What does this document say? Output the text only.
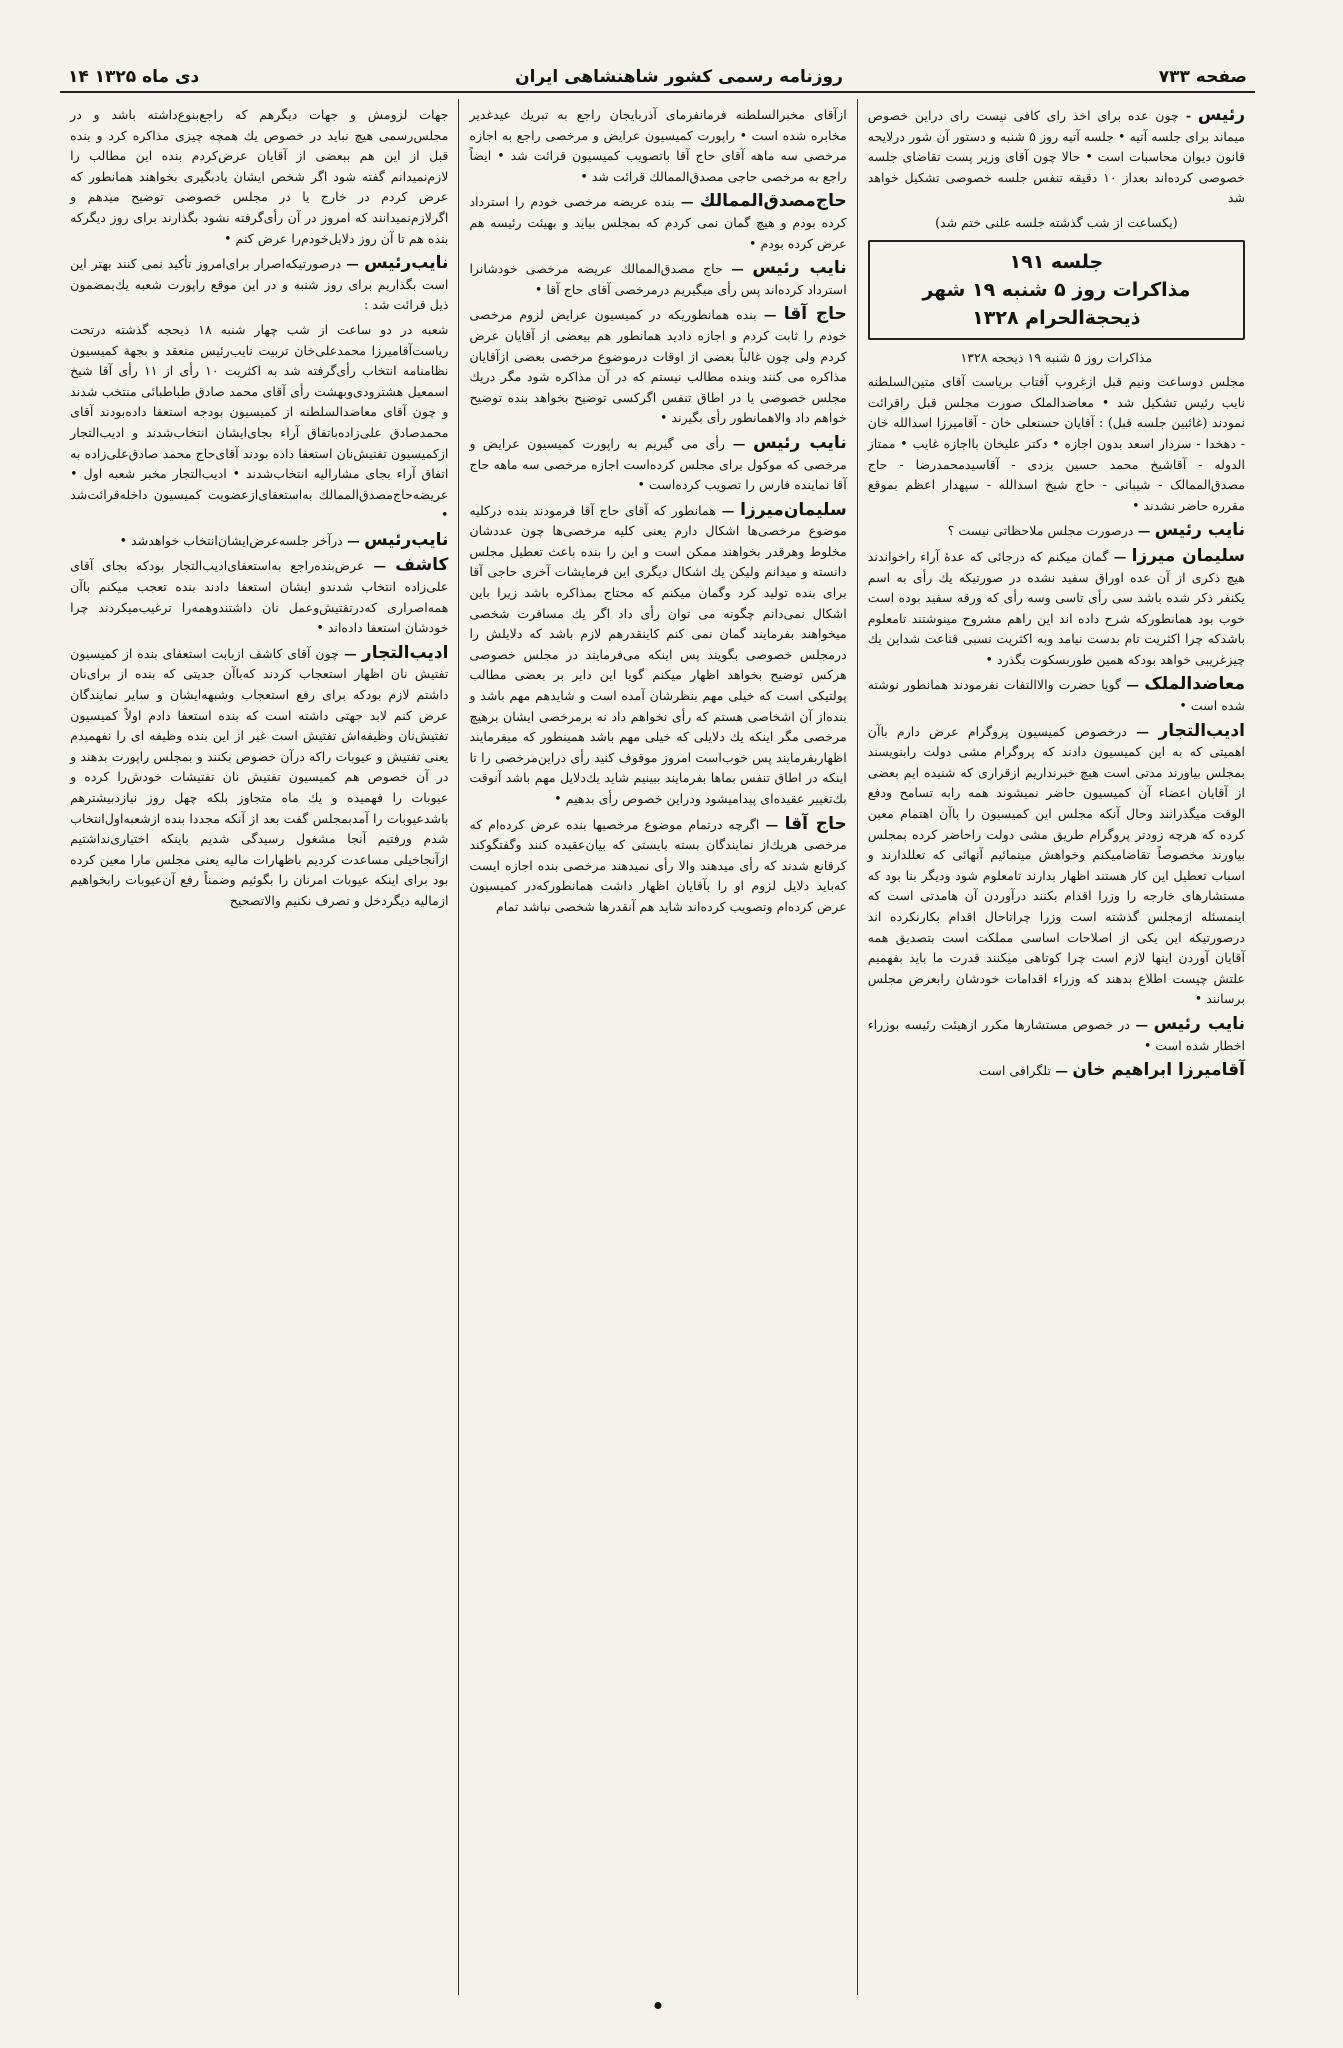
۱۴ دی ماه ۱۳۲۵	روزنامه رسمی کشور شاهنشاهی ایران	صفحه ۷۳۳

رئیس - چون عده برای اخذ رای کافی نیست رای دراین خصوص میماند برای جلسه آتیه • جلسه آتیه روز ۵ شنبه و دستور آن شور درلایحه قانون دیوان محاسبات است • حالا چون آقای وزیر پست تقاضای جلسه خصوصی کرده‌اند بعداز ۱۰ دقیقه تنفس جلسه خصوصی تشکیل خواهد شد

(یکساعت از شب گذشته جلسه علنی ختم شد)

جلسه ۱۹۱
مذاکرات روز ۵ شنبه ۱۹ شهر ذیحجة‌الحرام ۱۳۲۸

مذاکرات روز ۵ شنبه ۱۹ ذیحجه ۱۳۲۸

مجلس دوساعت ونیم قبل ازغروب آفتاب بریاست آقای متین‌السلطنه نایب رئیس تشکیل شد • معاضدالملک صورت مجلس قبل راقرائت نمودند (غائبین جلسه قبل) : آقایان حسنعلی خان - آقامیرزا اسدالله خان - دهخدا - سردار اسعد بدون اجازه • دکتر علیخان بااجازه غایب • ممتاز الدوله - آقاشیخ محمد حسین یزدی - آقاسیدمحمدرضا - حاج مصدق‌الممالک - شیبانی - حاج شیخ اسدالله - سپهدار اعظم بموقع مقرره حاضر نشدند •

نایب رئیس — درصورت مجلس ملاحظاتی نیست ؟

سلیمان میرزا — گمان میکنم که درجائی که عدهٔ آراء راخواندند هیچ ذکری از آن عده اوراق سفید نشده در صورتیکه یك رأی به اسم یکنفر ذکر شده باشد سی رأی تاسی وسه رأی که ورقه سفید بوده است خوب بود همانطورکه شرح داده اند این راهم مشروح مینوشتند تامعلوم باشدکه چرا اکثریت تام بدست نیامد وبه اکثریت نسبی قناعت شداین یك چیزغریبی خواهد بودکه همین طوربسکوت بگذرد •

معاضدالملک — گویا حضرت والاالتفات نفرمودند همانطور نوشته شده است •

ادیب‌التجار — درخصوص کمیسیون پروگرام عرض دارم باآن اهمیتی که به این کمیسیون دادند که پروگرام مشی دولت رابنویسند بمجلس بیاورند مدتی است هیچ خبرنداریم ازقراری که شنیده ایم بعضی از آقایان اعضاء آن کمیسیون حاضر نمیشوند همه رابه تسامح ودفع الوقت میگذرانند وحال آنکه مجلس این کمیسیون را باآن اهتمام معین کرده که هرچه زودتر پروگرام طریق مشی دولت راحاضر کرده بمجلس بیاورند مخصوصاً تقاضامیکنم وخواهش مینمائیم آنهائی که تعللدارند و اسباب تعطیل این کار هستند اظهار بدارند تامعلوم شود ودیگر بنا بود که مستشارهای خارجه را وزرا اقدام بکنند درآوردن آن هامدتی است که اینمسئله ازمجلس گذشته است وزرا چراتاحال اقدام بکارنکرده اند درصورتیکه این یکی از اصلاحات اساسی مملکت است بتصدیق همه آقایان آوردن اینها لازم است چرا کوتاهی میکنند قدرت ما باید بفهمیم علتش چیست اطلاع بدهند که وزراء اقدامات خودشان رابعرض مجلس برسانند •

نایب رئیس — در خصوص مستشارها مکرر ازهیئت رئیسه بوزراء اخطار شده است •

آقامیرزا ابراهیم خان — تلگرافی است

ازآقای مخبرالسلطنه فرمانفرمای آذربایجان راجع به تبریك عیدغدیر مخابره شده است • راپورت کمیسیون عرایض و مرخصی راجع به اجازه مرخصی سه ماهه آقای حاج آقا باتصویب کمیسیون قرائت شد • ایضاً راجع به مرخصی حاجی مصدق‌الممالك قرائت شد •

حاج‌مصدق‌الممالك — بنده عریضه مرخصی خودم را استرداد کرده بودم و هیچ گمان نمی کردم که بمجلس بیاید و بهیئت رئیسه هم عرض کرده بودم •

نایب رئیس — حاج مصدق‌الممالك عریضه مرخصی خودشانرا استرداد کرده‌اند پس رأی میگیریم درمرخصی آقای حاج آقا •

حاج آقا — بنده همانطوریکه در کمیسیون عرایض لزوم مرخصی خودم را ثابت کردم و اجازه دادید همانطور هم بیعضی از آقایان عرض کردم ولی چون غالباً بعضی از اوقات درموضوع مرخصی بعضی ازآقایان مذاکره می کنند وبنده مطالب نیستم که در آن مذاکره شود مگر دریك مجلس خصوصی یا در اطاق تنفس اگرکسی توضیح بخواهد بنده توضیح خواهم داد والاهمانطور رأی بگیرند •

نایب رئیس — رأی می گیریم به راپورت کمیسیون عرایض و مرخصی که موکول برای مجلس کرده‌است اجازه مرخصی سه ماهه حاج آقا نماینده فارس را تصویب کرده‌است •

سلیمان‌میرزا — همانطور که آقای حاج آقا فرمودند بنده درکلیه موضوع مرخصی‌ها اشکال دارم یعنی کلیه مرخصی‌ها چون عددشان مخلوط وهرقدر بخواهند ممکن است و این را بنده باعث تعطیل مجلس دانسته و میدانم ولیکن یك اشکال دیگری این فرمایشات آخری حاجی آقا برای بنده تولید کرد وگمان میکنم که محتاج بمذاکره باشد زیرا باین اشکال نمی‌دانم چگونه می توان رأی داد اگر یك مسافرت شخصی میخواهند بفرمایند گمان نمی کنم کاینقدرهم لازم باشد که دلایلش را درمجلس خصوصی بگویند پس اینکه می‌فرمایند در مجلس خصوصی هرکس توضیح بخواهد اظهار میکنم گویا این دایر بر بعضی مطالب پولتیکی است که خیلی مهم بنظرشان آمده است و شایدهم مهم باشد و بنده‌از آن اشخاصی هستم که رأی نخواهم داد نه برمرخصی ایشان برهیچ مرخصی مگر اینکه یك دلایلی که خیلی مهم باشد همینطور که میفرمایند اظهاربفرمایند پس خوب‌است امروز موقوف کنید رأی دراین‌مرخصی را تا اینکه در اطاق تنفس بماها بفرمایند ببینیم شاید یك‌دلایل مهم باشد آنوقت بك‌تغییر عقیده‌ای پیدامیشود ودراین خصوص رأی بدهیم •

حاج آقا — اگرچه درتمام موضوع مرخصیها بنده عرض کرده‌ام که مرخصی هریك‌از نمایندگان بسته بایستی که بیان‌عقیده کنند وگفتگوکند کرقانع شدند که رأی میدهند والا رأی نمیدهند مرخصی بنده اجازه ایست که‌باید دلایل لزوم او را بآقایان اظهار داشت همانطورکه‌در کمیسیون عرض کرده‌ام وتصویب کرده‌اند شاید هم آنقدرها شخصی نباشد تمام

جهات لزومش و جهات دیگرهم که راجع‌بنوع‌داشته باشد و در مجلس‌رسمی هیچ نباید در خصوص یك همچه چیزی مذاکره کرد و بنده قبل از این هم ببعضی از آقایان عرض‌کردم بنده این مطالب را لازم‌نمیدانم گفته شود اگر شخص ایشان یادبگیری بخواهند همانطور که عرض کردم در خارج یا در مجلس خصوصی توضیح میدهم و اگرلازم‌نمیدانند که امروز در آن رأی‌گرفته نشود بگذارند برای روز دیگرکه بنده هم تا آن روز دلایل‌خودم‌را عرض کنم •

نایب‌رئیس — درصورتیکه‌اصرار برای‌امروز تأکید نمی کنند بهتر این است بگذاریم برای روز شنبه و در این موقع راپورت شعبه یك‌بمضمون ذیل قرائت شد :

شعبه در دو ساعت از شب چهار شنبه ۱۸ ذیحجه گذشته درتحت ریاست‌آقامیرزا محمدعلی‌خان تربیت نایب‌رئیس منعقد و بجهة کمیسیون نظامنامه انتخاب رأی‌گرفته شد به اکثریت ۱۰ رأی از ۱۱ رأی آقا شیخ اسمعیل هشترودی‌وبهشت رأی آقای محمد صادق طباطبائی منتخب شدند و چون آقای معاضدالسلطنه از کمیسیون بودجه استعفا داده‌بودند آقای محمدصادق علی‌زاده‌باتفاق آراء بجای‌ایشان انتخاب‌شدند و ادیب‌التجار ازکمیسیون تفتیش‌نان استعفا داده بودند آقای‌حاج محمد صادق‌علی‌زاده به اتفاق آراء بجای مشارالیه انتخاب‌شدند • ادیب‌التجار مخبر شعبه اول • عریضه‌حاج‌مصدق‌الممالك به‌استعفای‌ازعضویت کمیسیون داخله‌قرائت‌شد •

نایب‌رئیس — درآخر جلسه‌عرض‌ایشان‌انتخاب خواهدشد •

کاشف — عرض‌بنده‌راجع به‌استعفای‌ادیب‌التجار بودکه بجای آقای علی‌زاده انتخاب شدندو ایشان استعفا دادند بنده تعجب میکنم باآن همه‌اصراری که‌در‌تفتیش‌وعمل نان داشتندوهمه‌را ترغیب‌میکردند چرا خودشان استعفا داده‌اند •

ادیب‌التجار — چون آقای کاشف ازبابت استعفای بنده از کمیسیون تفتیش نان اظهار استعجاب کردند که‌باآن جدیتی که بنده از برای‌نان داشتم لازم بودکه برای رفع استعجاب وشبهه‌ایشان و سایر نمایندگان عرض کنم لابد جهتی داشته است که بنده استعفا دادم اولاً کمیسیون تفتیش‌نان وظیفه‌اش تفتیش است غیر از این بنده وظیفه ای را نفهمیدم یعنی تفتیش و عیوبات راکه در‌آن خصوص بکنند و بمجلس راپورت بدهند و در آن خصوص هم کمیسیون تفتیش نان تفتیشات خودش‌را کرده و عیوبات را فهمیده و یك ماه متجاوز بلکه چهل روز نیاز‌دبیشترهم باشدعیوبات را آمدبمجلس گفت بعد از آنکه مجددا بنده ازشعبه‌اول‌انتخاب شدم ورفتیم آنجا مشغول رسیدگی شدیم باینکه اختیاری‌نداشتیم ازآنجاخیلی مساعدت کردیم باظهارات مالیه یعنی مجلس مارا معین کرده بود برای اینکه عیوبات امرنان را بگوئیم وضمناً رفع آن‌عیوبات رابخواهیم ازمالیه دیگردخل و تصرف نکنیم والاتصحیح
